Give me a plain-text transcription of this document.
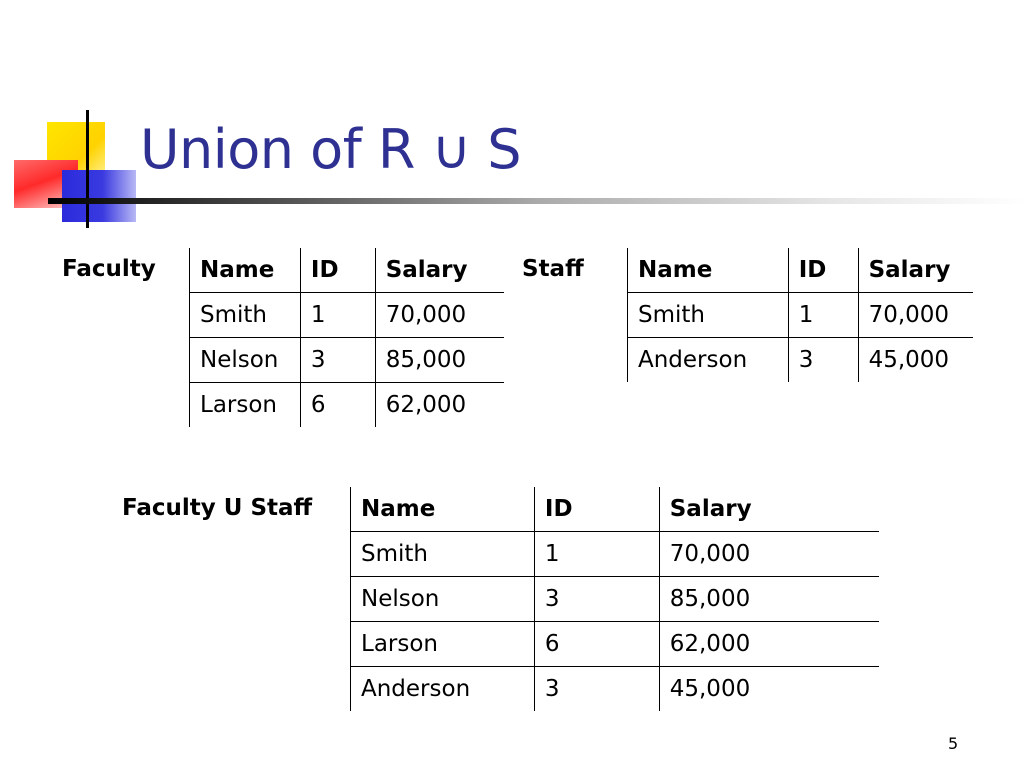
Union of R ∪ S
Faculty Name	ID	Salary
Smith	1	70,000
Nelson	3	85,000
Larson	6	62,000
Staff Name	ID	Salary
Smith	1	70,000
Anderson	3	45,000
Faculty U Staff Name	ID	Salary
Smith	1	70,000
Nelson	3	85,000
Larson	6	62,000
Anderson	3	45,000
5
